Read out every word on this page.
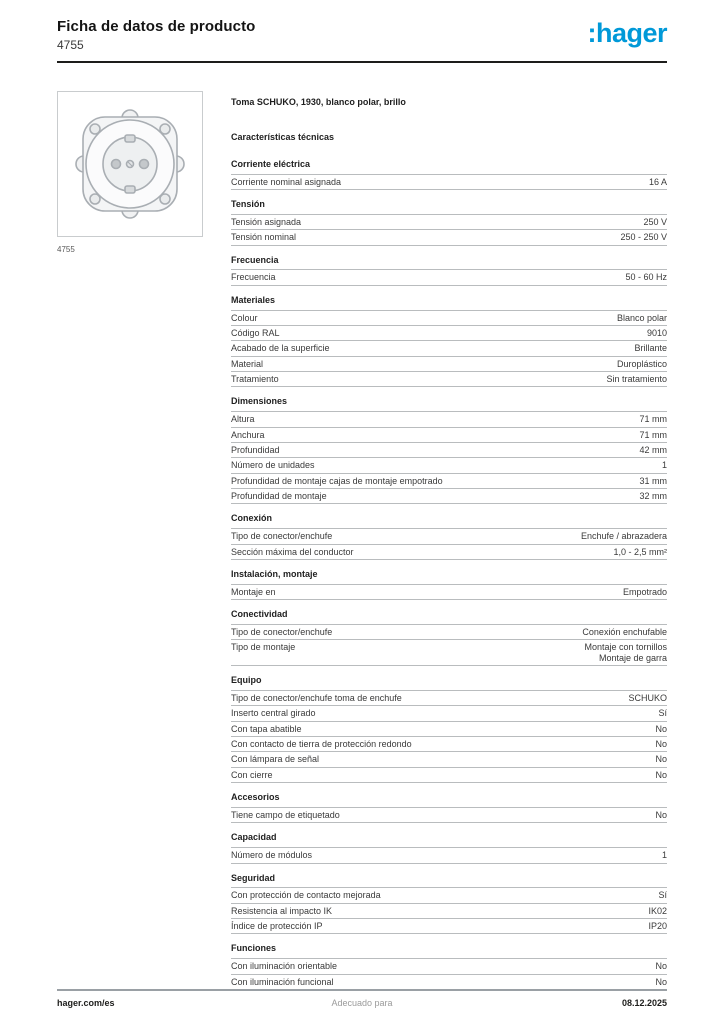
Ficha de datos de producto
4755	:hager
4755
Toma SCHUKO, 1930, blanco polar, brillo
Características técnicas
Corriente eléctrica
Corriente nominal asignada	16 A
Tensión
Tensión asignada	250 V
Tensión nominal	250 - 250 V
Frecuencia
Frecuencia	50 - 60 Hz
Materiales
Colour	Blanco polar
Código RAL	9010
Acabado de la superficie	Brillante
Material	Duroplástico
Tratamiento	Sin tratamiento
Dimensiones
Altura	71 mm
Anchura	71 mm
Profundidad	42 mm
Número de unidades	1
Profundidad de montaje cajas de montaje empotrado	31 mm
Profundidad de montaje	32 mm
Conexión
Tipo de conector/enchufe	Enchufe / abrazadera
Sección máxima del conductor	1,0 - 2,5 mm²
Instalación, montaje
Montaje en	Empotrado
Conectividad
Tipo de conector/enchufe	Conexión enchufable
Tipo de montaje	Montaje con tornillos
Montaje de garra
Equipo
Tipo de conector/enchufe toma de enchufe	SCHUKO
Inserto central girado	Sí
Con tapa abatible	No
Con contacto de tierra de protección redondo	No
Con lámpara de señal	No
Con cierre	No
Accesorios
Tiene campo de etiquetado	No
Capacidad
Número de módulos	1
Seguridad
Con protección de contacto mejorada	Sí
Resistencia al impacto IK	IK02
Índice de protección IP	IP20
Funciones
Con iluminación orientable	No
Con iluminación funcional	No
hager.com/es	Adecuado para	08.12.2025
